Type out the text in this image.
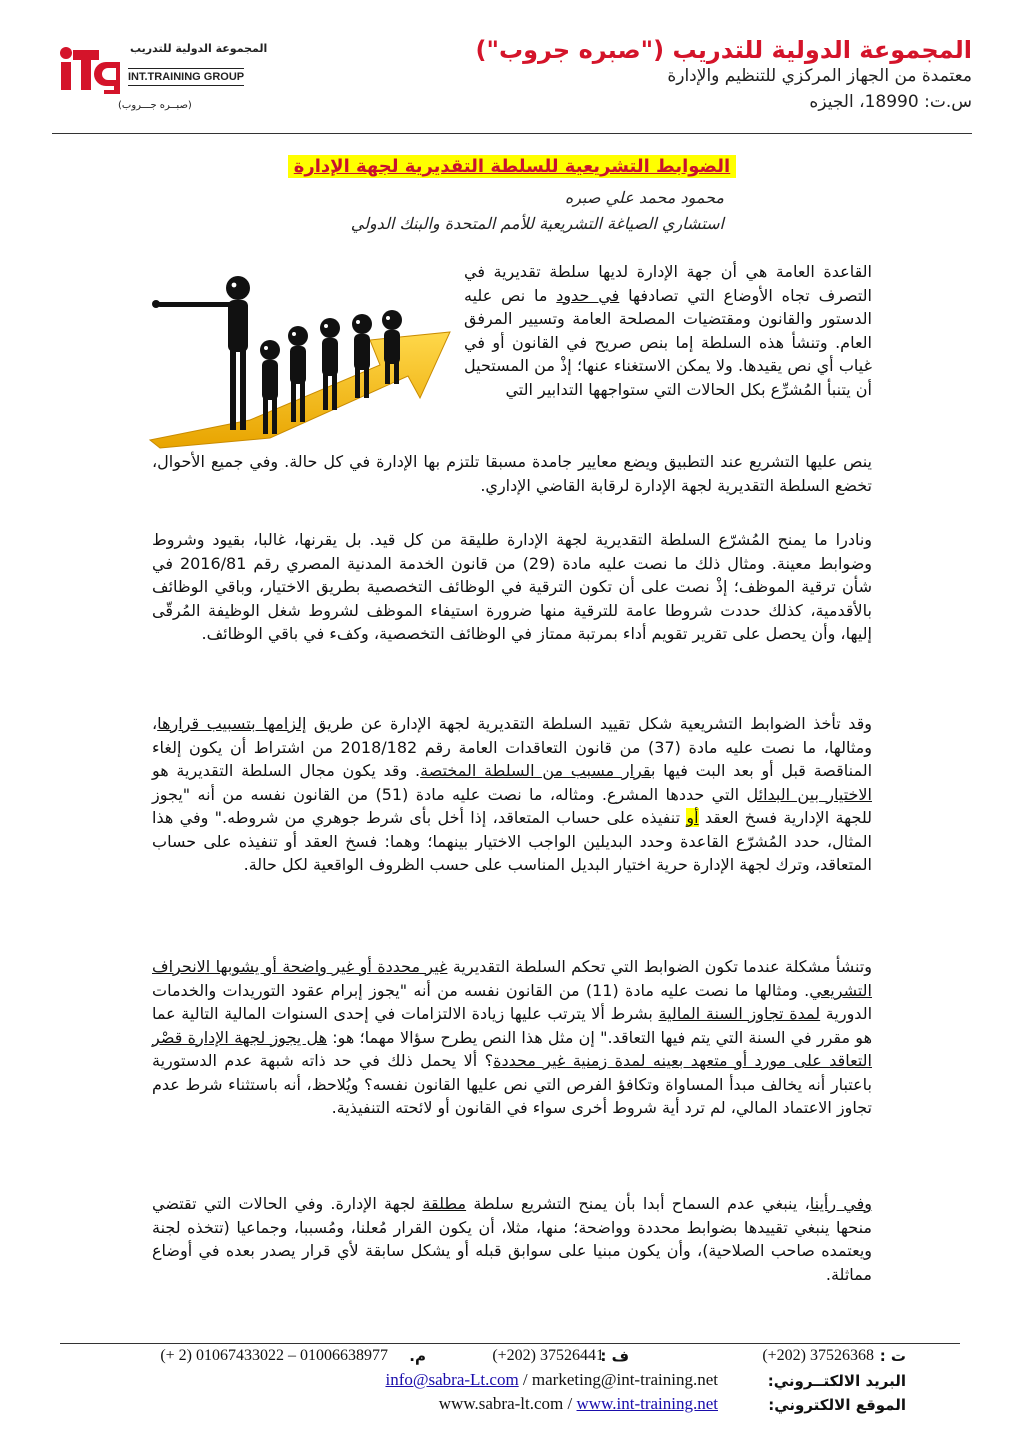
المجموعة الدولية للتدريب ("صبره جروب")
معتمدة من الجهاز المركزي للتنظيم والإدارة
س.ت: 18990، الجيزه
المجموعة الدولية للتدريب
INT.TRAINING GROUP
(صبــره جـــروب)
الضوابط التشريعية للسلطة التقديرية لجهة الإدارة
محمود محمد علي صبره
استشاري الصياغة التشريعية للأمم المتحدة والبنك الدولي
القاعدة العامة هي أن جهة الإدارة لديها سلطة تقديرية في التصرف تجاه الأوضاع التي تصادفها في حدود ما نص عليه الدستور والقانون ومقتضيات المصلحة العامة وتسيير المرفق العام. وتنشأ هذه السلطة إما بنص صريح في القانون أو في غياب أي نص يقيدها. ولا يمكن الاستغناء عنها؛ إذْ من المستحيل أن يتنبأ المُشرِّع بكل الحالات التي ستواجهها التدابير التي
ينص عليها التشريع عند التطبيق ويضع معايير جامدة مسبقا تلتزم بها الإدارة في كل حالة. وفي جميع الأحوال، تخضع السلطة التقديرية لجهة الإدارة لرقابة القاضي الإداري.
ونادرا ما يمنح المُشرّع السلطة التقديرية لجهة الإدارة طليقة من كل قيد. بل يقرنها، غالبا، بقيود وشروط وضوابط معينة. ومثال ذلك ما نصت عليه مادة (29) من قانون الخدمة المدنية المصري رقم 2016/81 في شأن ترقية الموظف؛ إذْ نصت على أن تكون الترقية في الوظائف التخصصية بطريق الاختيار، وباقي الوظائف بالأقدمية، كذلك حددت شروطا عامة للترقية منها ضرورة استيفاء الموظف لشروط شغل الوظيفة المُرقّى إليها، وأن يحصل على تقرير تقويم أداء بمرتبة ممتاز في الوظائف التخصصية، وكفء في باقي الوظائف.
وقد تأخذ الضوابط التشريعية شكل تقييد السلطة التقديرية لجهة الإدارة عن طريق إلزامها بتسبيب قرارها، ومثالها، ما نصت عليه مادة (37) من قانون التعاقدات العامة رقم 2018/182 من اشتراط أن يكون إلغاء المناقصة قبل أو بعد البت فيها بقرار مسبب من السلطة المختصة. وقد يكون مجال السلطة التقديرية هو الاختيار بين البدائل التي حددها المشرع. ومثاله، ما نصت عليه مادة (51) من القانون نفسه من أنه "يجوز للجهة الإدارية فسخ العقد أو تنفيذه على حساب المتعاقد، إذا أخل بأى شرط جوهري من شروطه." وفي هذا المثال، حدد المُشرّع القاعدة وحدد البديلين الواجب الاختيار بينهما؛ وهما: فسخ العقد أو تنفيذه على حساب المتعاقد، وترك لجهة الإدارة حرية اختيار البديل المناسب على حسب الظروف الواقعية لكل حالة.
وتنشأ مشكلة عندما تكون الضوابط التي تحكم السلطة التقديرية غير محددة أو غير واضحة أو يشوبها الانحراف التشريعي. ومثالها ما نصت عليه مادة (11) من القانون نفسه من أنه "يجوز إبرام عقود التوريدات والخدمات الدورية لمدة تجاوز السنة المالية بشرط ألا يترتب عليها زيادة الالتزامات في إحدى السنوات المالية التالية عما هو مقرر في السنة التي يتم فيها التعاقد." إن مثل هذا النص يطرح سؤالا مهما؛ هو: هل يجوز لجهة الإدارة قصْر التعاقد على مورد أو متعهد بعينه لمدة زمنية غير محددة؟ ألا يحمل ذلك في حد ذاته شبهة عدم الدستورية باعتبار أنه يخالف مبدأ المساواة وتكافؤ الفرص التي نص عليها القانون نفسه؟ ويُلاحظ، أنه باستثناء شرط عدم تجاوز الاعتماد المالي، لم ترد أية شروط أخرى سواء في القانون أو لائحته التنفيذية.
وفي رأينا، ينبغي عدم السماح أبدا بأن يمنح التشريع سلطة مطلقة لجهة الإدارة. وفي الحالات التي تقتضي منحها ينبغي تقييدها بضوابط محددة وواضحة؛ منها، مثلا، أن يكون القرار مُعلنا، ومُسببا، وجماعيا (تتخذه لجنة ويعتمده صاحب الصلاحية)، وأن يكون مبنيا على سوابق قبله أو يشكل سابقة لأي قرار يصدر بعده في أوضاع مماثلة.
ت :
(+202) 37526368
ف :
(+202) 37526441
م.
(+ 2) 01067433022 – 01006638977
البريد الالكتــروني:
info@sabra-Lt.com / marketing@int-training.net
الموقع الالكتروني:
www.sabra-lt.com / www.int-training.net
